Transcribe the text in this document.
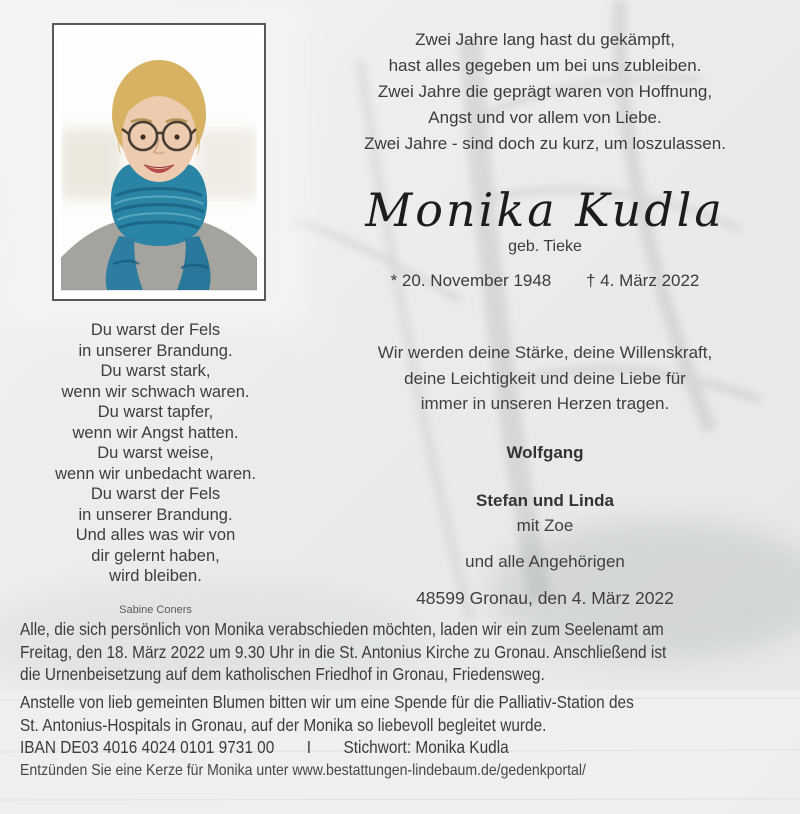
Zwei Jahre lang hast du gekämpft,
hast alles gegeben um bei uns zubleiben.
Zwei Jahre die geprägt waren von Hoffnung,
Angst und vor allem von Liebe.
Zwei Jahre - sind doch zu kurz, um loszulassen.
Monika Kudla
geb. Tieke
* 20. November 1948 † 4. März 2022
Du warst der Fels
in unserer Brandung.
Du warst stark,
wenn wir schwach waren.
Du warst tapfer,
wenn wir Angst hatten.
Du warst weise,
wenn wir unbedacht waren.
Du warst der Fels
in unserer Brandung.
Und alles was wir von
dir gelernt haben,
wird bleiben.
Sabine Coners
Wir werden deine Stärke, deine Willenskraft,
deine Leichtigkeit und deine Liebe für
immer in unseren Herzen tragen.
Wolfgang
Stefan und Linda
mit Zoe
und alle Angehörigen
48599 Gronau, den 4. März 2022
Alle, die sich persönlich von Monika verabschieden möchten, laden wir ein zum Seelenamt am
Freitag, den 18. März 2022 um 9.30 Uhr in die St. Antonius Kirche zu Gronau. Anschließend ist
die Urnenbeisetzung auf dem katholischen Friedhof in Gronau, Friedensweg.
Anstelle von lieb gemeinten Blumen bitten wir um eine Spende für die Palliativ-Station des
St. Antonius-Hospitals in Gronau, auf der Monika so liebevoll begleitet wurde.
IBAN DE03 4016 4024 0101 9731 00 I Stichwort: Monika Kudla
Entzünden Sie eine Kerze für Monika unter www.bestattungen-lindebaum.de/gedenkportal/
